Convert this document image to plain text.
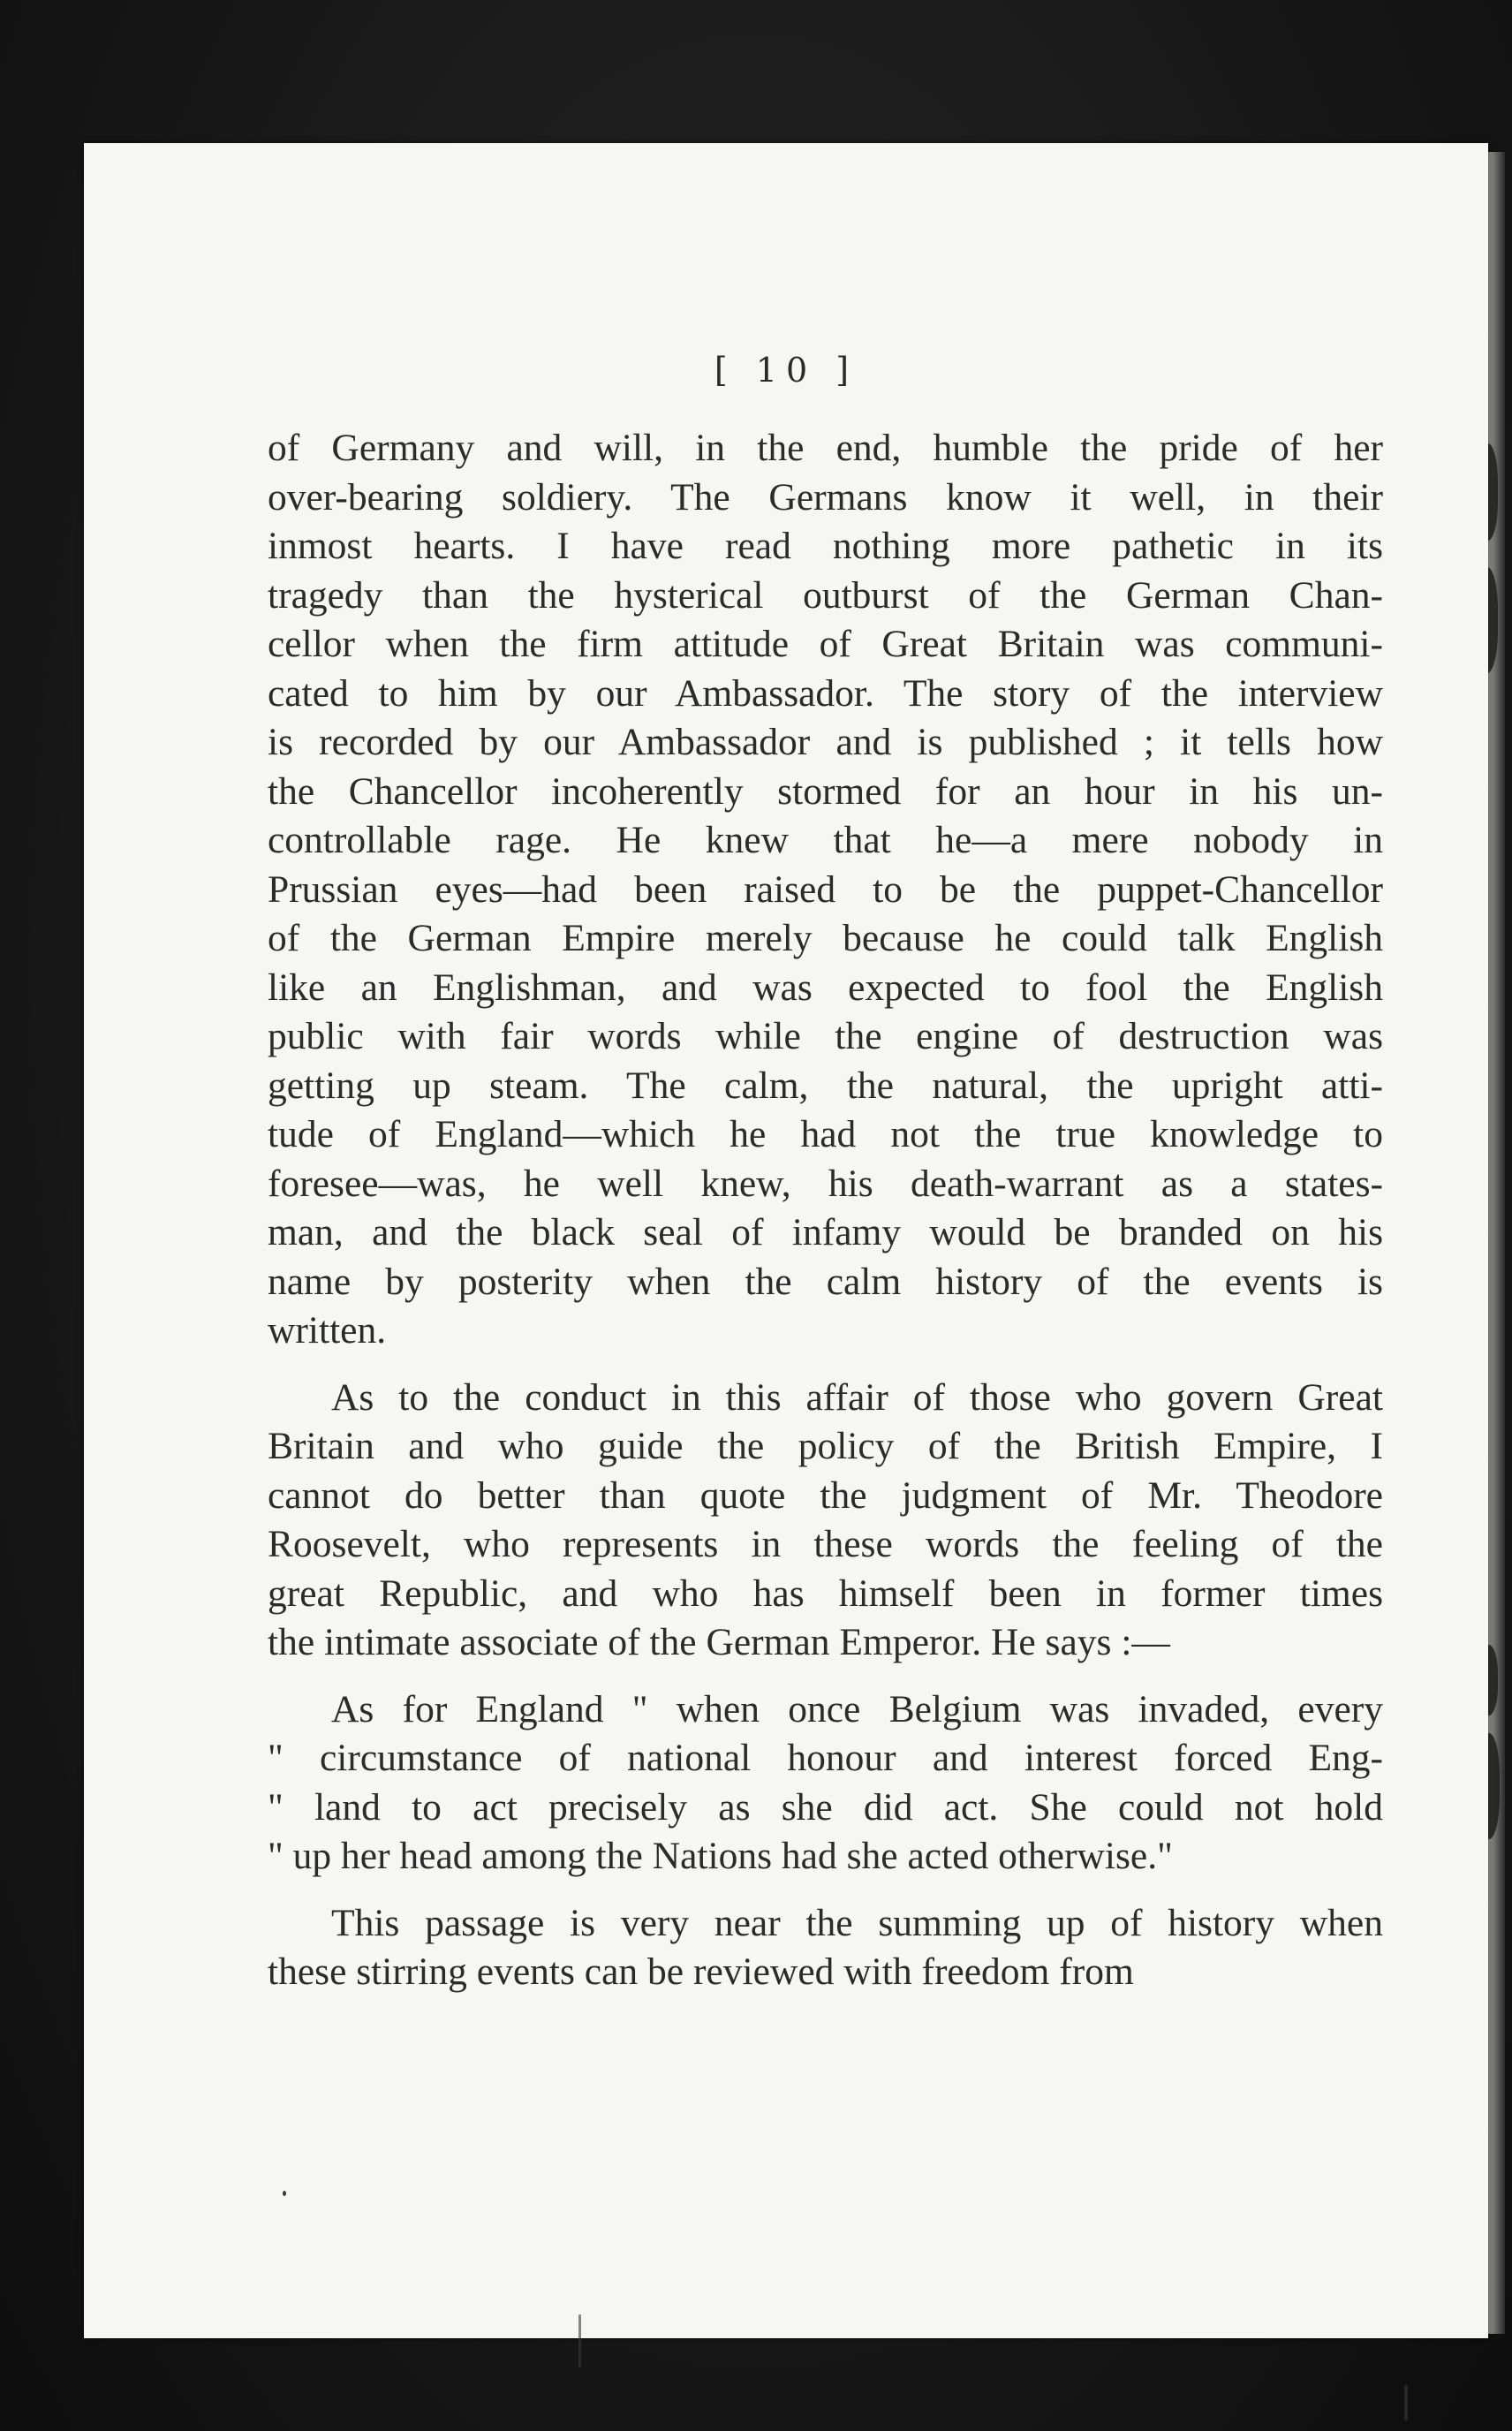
[ 10 ]
of Germany and will, in the end, humble the pride of her
over-bearing soldiery. The Germans know it well, in their
inmost hearts. I have read nothing more pathetic in its
tragedy than the hysterical outburst of the German Chan-
cellor when the firm attitude of Great Britain was communi-
cated to him by our Ambassador. The story of the interview
is recorded by our Ambassador and is published ; it tells how
the Chancellor incoherently stormed for an hour in his un-
controllable rage. He knew that he—a mere nobody in
Prussian eyes—had been raised to be the puppet-Chancellor
of the German Empire merely because he could talk English
like an Englishman, and was expected to fool the English
public with fair words while the engine of destruction was
getting up steam. The calm, the natural, the upright atti-
tude of England—which he had not the true knowledge to
foresee—was, he well knew, his death-warrant as a states-
man, and the black seal of infamy would be branded on his
name by posterity when the calm history of the events is
written.
As to the conduct in this affair of those who govern Great
Britain and who guide the policy of the British Empire, I
cannot do better than quote the judgment of Mr. Theodore
Roosevelt, who represents in these words the feeling of the
great Republic, and who has himself been in former times
the intimate associate of the German Emperor. He says :—
As for England " when once Belgium was invaded, every
" circumstance of national honour and interest forced Eng-
" land to act precisely as she did act. She could not hold
" up her head among the Nations had she acted otherwise."
This passage is very near the summing up of history when
these stirring events can be reviewed with freedom from
